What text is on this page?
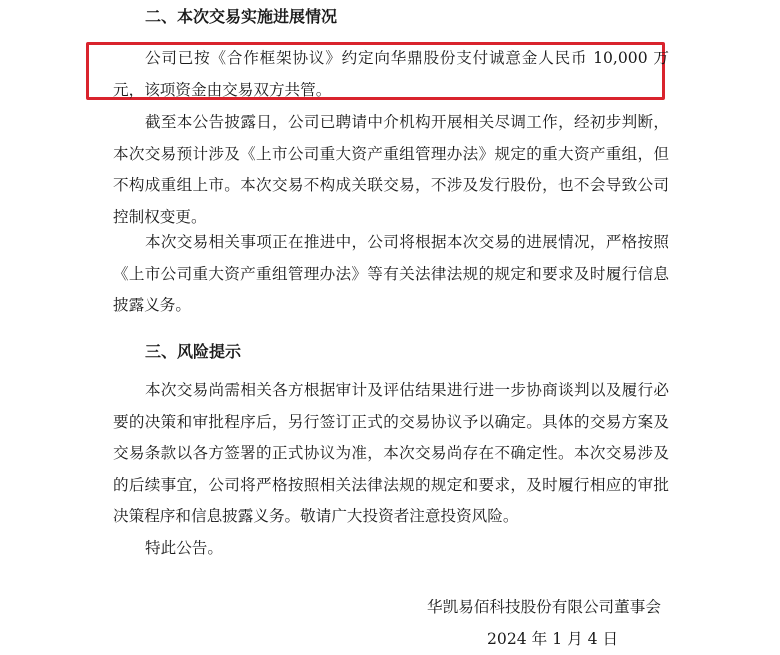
二、本次交易实施进展情况

公司已按《合作框架协议》约定向华鼎股份支付诚意金人民币 10,000 万元，该项资金由交易双方共管。

截至本公告披露日，公司已聘请中介机构开展相关尽调工作，经初步判断，本次交易预计涉及《上市公司重大资产重组管理办法》规定的重大资产重组，但不构成重组上市。本次交易不构成关联交易，不涉及发行股份，也不会导致公司控制权变更。

本次交易相关事项正在推进中，公司将根据本次交易的进展情况，严格按照《上市公司重大资产重组管理办法》等有关法律法规的规定和要求及时履行信息披露义务。

三、风险提示

本次交易尚需相关各方根据审计及评估结果进行进一步协商谈判以及履行必要的决策和审批程序后，另行签订正式的交易协议予以确定。具体的交易方案及交易条款以各方签署的正式协议为准，本次交易尚存在不确定性。本次交易涉及的后续事宜，公司将严格按照相关法律法规的规定和要求，及时履行相应的审批决策程序和信息披露义务。敬请广大投资者注意投资风险。

特此公告。

华凯易佰科技股份有限公司董事会
2024 年 1 月 4 日
